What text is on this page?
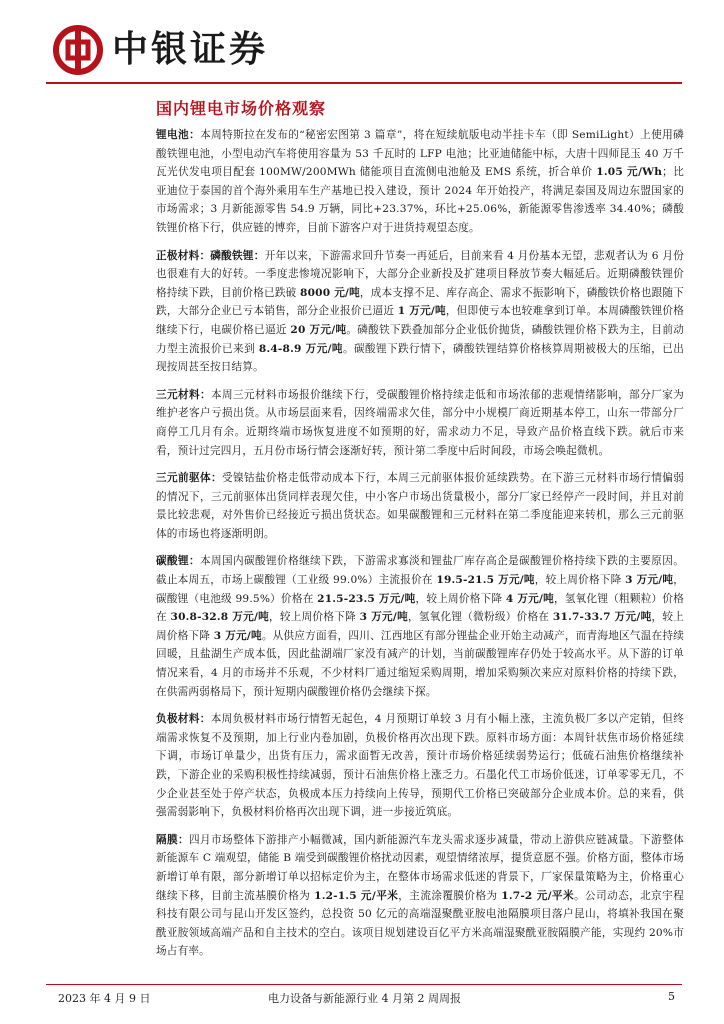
中银证券
国内锂电市场价格观察

锂电池：本周特斯拉在发布的“秘密宏图第 3 篇章”，将在短续航版电动半挂卡车（即 SemiLight）上使用磷酸铁锂电池，小型电动汽车将使用容量为 53 千瓦时的 LFP 电池；比亚迪储能中标，大唐十四师昆玉 40 万千瓦光伏发电项目配套 100MW/200MWh 储能项目直流侧电池舱及 EMS 系统，折合单价 1.05 元/Wh；比亚迪位于泰国的首个海外乘用车生产基地已投入建设，预计 2024 年开始投产，将满足泰国及周边东盟国家的市场需求；3 月新能源零售 54.9 万辆，同比+23.37%，环比+25.06%，新能源零售渗透率 34.40%；磷酸铁锂价格下行，供应链的博弈，目前下游客户对于进货持观望态度。

正极材料：磷酸铁锂：开年以来，下游需求回升节奏一再延后，目前来看 4 月份基本无望，悲观者认为 6 月份也很难有大的好转。一季度悲惨境况影响下，大部分企业新投及扩建项目释放节奏大幅延后。近期磷酸铁锂价格持续下跌，目前价格已跌破 8000 元/吨，成本支撑不足、库存高企、需求不振影响下，磷酸铁价格也跟随下跌，大部分企业已亏本销售，部分企业报价已逼近 1 万元/吨，但即使亏本也较难拿到订单。本周磷酸铁锂价格继续下行，电碳价格已逼近 20 万元/吨。磷酸铁下跌叠加部分企业低价抛货，磷酸铁锂价格下跌为主，目前动力型主流报价已来到 8.4-8.9 万元/吨。碳酸锂下跌行情下，磷酸铁锂结算价格核算周期被极大的压缩，已出现按周甚至按日结算。

三元材料：本周三元材料市场报价继续下行，受碳酸锂价格持续走低和市场浓郁的悲观情绪影响，部分厂家为维护老客户亏损出货。从市场层面来看，因终端需求欠佳，部分中小规模厂商近期基本停工，山东一带部分厂商停工几月有余。近期终端市场恢复进度不如预期的好，需求动力不足，导致产品价格直线下跌。就后市来看，预计过完四月，五月份市场行情会逐渐好转，预计第二季度中后时间段，市场会唤起微机。

三元前驱体：受镍钴盐价格走低带动成本下行，本周三元前驱体报价延续跌势。在下游三元材料市场行情偏弱的情况下，三元前驱体出货同样表现欠佳，中小客户市场出货量极小，部分厂家已经停产一段时间，并且对前景比较悲观，对外售价已经接近亏损出货状态。如果碳酸锂和三元材料在第二季度能迎来转机，那么三元前驱体的市场也将逐渐明朗。

碳酸锂：本周国内碳酸锂价格继续下跌，下游需求寡淡和锂盐厂库存高企是碳酸锂价格持续下跌的主要原因。截止本周五，市场上碳酸锂（工业级 99.0%）主流报价在 19.5-21.5 万元/吨，较上周价格下降 3 万元/吨，碳酸锂（电池级 99.5%）价格在 21.5-23.5 万元/吨，较上周价格下降 4 万元/吨，氢氧化锂（粗颗粒）价格在 30.8-32.8 万元/吨，较上周价格下降 3 万元/吨，氢氧化锂（微粉级）价格在 31.7-33.7 万元/吨，较上周价格下降 3 万元/吨。从供应方面看，四川、江西地区有部分锂盐企业开始主动减产，而青海地区气温在持续回暖，且盐湖生产成本低，因此盐湖端厂家没有减产的计划，当前碳酸锂库存仍处于较高水平。从下游的订单情况来看，4 月的市场并不乐观，不少材料厂通过缩短采购周期，增加采购频次来应对原料价格的持续下跌，在供需两弱格局下，预计短期内碳酸锂价格仍会继续下探。

负极材料：本周负极材料市场行情暂无起色，4 月预期订单较 3 月有小幅上涨，主流负极厂多以产定销，但终端需求恢复不及预期，加上行业内卷加剧，负极价格再次出现下跌。原料市场方面：本周针状焦市场价格延续下调，市场订单量少，出货有压力，需求面暂无改善，预计市场价格延续弱势运行；低硫石油焦价格继续补跌，下游企业的采购积极性持续减弱，预计石油焦价格上涨乏力。石墨化代工市场价低迷，订单零零无几，不少企业甚至处于停产状态，负极成本压力持续向上传导，预期代工价格已突破部分企业成本价。总的来看，供强需弱影响下，负极材料价格再次出现下调，进一步接近筑底。

隔膜：四月市场整体下游排产小幅微减，国内新能源汽车龙头需求逐步减量，带动上游供应链减量。下游整体新能源车 C 端观望，储能 B 端受到碳酸锂价格扰动因素，观望情绪浓厚，提货意愿不强。价格方面，整体市场新增订单有限，部分新增订单以招标定价为主，在整体市场需求低迷的背景下，厂家保量策略为主，价格重心继续下移，目前主流基膜价格为 1.2-1.5 元/平米，主流涂覆膜价格为 1.7-2 元/平米。公司动态，北京宇程科技有限公司与昆山开发区签约，总投资 50 亿元的高端湿聚酰亚胺电池隔膜项目落户昆山，将填补我国在聚酰亚胺领域高端产品和自主技术的空白。该项目规划建设百亿平方米高端湿聚酰亚胺隔膜产能，实现约 20%市场占有率。

2023 年 4 月 9 日	电力设备与新能源行业 4 月第 2 周周报	5
